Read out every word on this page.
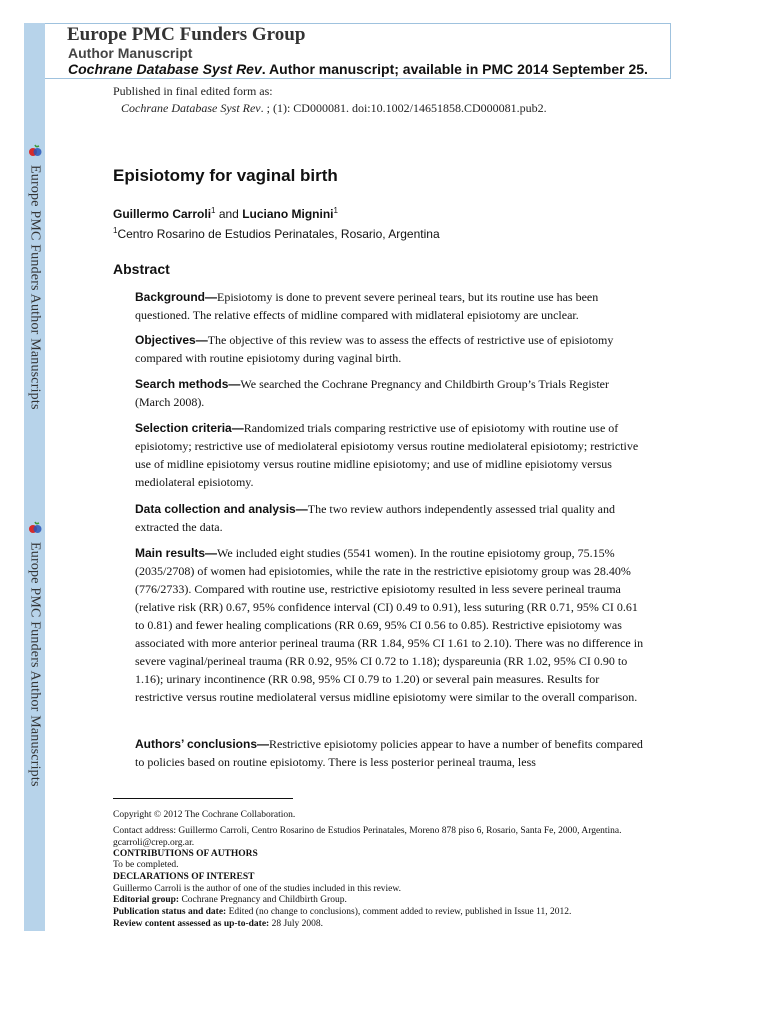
Europe PMC Funders Author Manuscripts
Europe PMC Funders Author Manuscripts
Europe PMC Funders Group
Author Manuscript
Cochrane Database Syst Rev. Author manuscript; available in PMC 2014 September 25.
Published in final edited form as:
Cochrane Database Syst Rev. ; (1): CD000081. doi:10.1002/14651858.CD000081.pub2.
Episiotomy for vaginal birth
Guillermo Carroli$^1$ and Luciano Mignini$^1$
$^1$Centro Rosarino de Estudios Perinatales, Rosario, Argentina
Abstract
Background—Episiotomy is done to prevent severe perineal tears, but its routine use has been questioned. The relative effects of midline compared with midlateral episiotomy are unclear.
Objectives—The objective of this review was to assess the effects of restrictive use of episiotomy compared with routine episiotomy during vaginal birth.
Search methods—We searched the Cochrane Pregnancy and Childbirth Group’s Trials Register (March 2008).
Selection criteria—Randomized trials comparing restrictive use of episiotomy with routine use of episiotomy; restrictive use of mediolateral episiotomy versus routine mediolateral episiotomy; restrictive use of midline episiotomy versus routine midline episiotomy; and use of midline episiotomy versus mediolateral episiotomy.
Data collection and analysis—The two review authors independently assessed trial quality and extracted the data.
Main results—We included eight studies (5541 women). In the routine episiotomy group, 75.15% (2035/2708) of women had episiotomies, while the rate in the restrictive episiotomy group was 28.40% (776/2733). Compared with routine use, restrictive episiotomy resulted in less severe perineal trauma (relative risk (RR) 0.67, 95% confidence interval (CI) 0.49 to 0.91), less suturing (RR 0.71, 95% CI 0.61 to 0.81) and fewer healing complications (RR 0.69, 95% CI 0.56 to 0.85). Restrictive episiotomy was associated with more anterior perineal trauma (RR 1.84, 95% CI 1.61 to 2.10). There was no difference in severe vaginal/perineal trauma (RR 0.92, 95% CI 0.72 to 1.18); dyspareunia (RR 1.02, 95% CI 0.90 to 1.16); urinary incontinence (RR 0.98, 95% CI 0.79 to 1.20) or several pain measures. Results for restrictive versus routine mediolateral versus midline episiotomy were similar to the overall comparison.
Authors’ conclusions—Restrictive episiotomy policies appear to have a number of benefits compared to policies based on routine episiotomy. There is less posterior perineal trauma, less
Copyright © 2012 The Cochrane Collaboration.
Contact address: Guillermo Carroli, Centro Rosarino de Estudios Perinatales, Moreno 878 piso 6, Rosario, Santa Fe, 2000, Argentina. gcarroli@crep.org.ar.
CONTRIBUTIONS OF AUTHORS
To be completed.
DECLARATIONS OF INTEREST
Guillermo Carroli is the author of one of the studies included in this review.
Editorial group: Cochrane Pregnancy and Childbirth Group.
Publication status and date: Edited (no change to conclusions), comment added to review, published in Issue 11, 2012.
Review content assessed as up-to-date: 28 July 2008.
